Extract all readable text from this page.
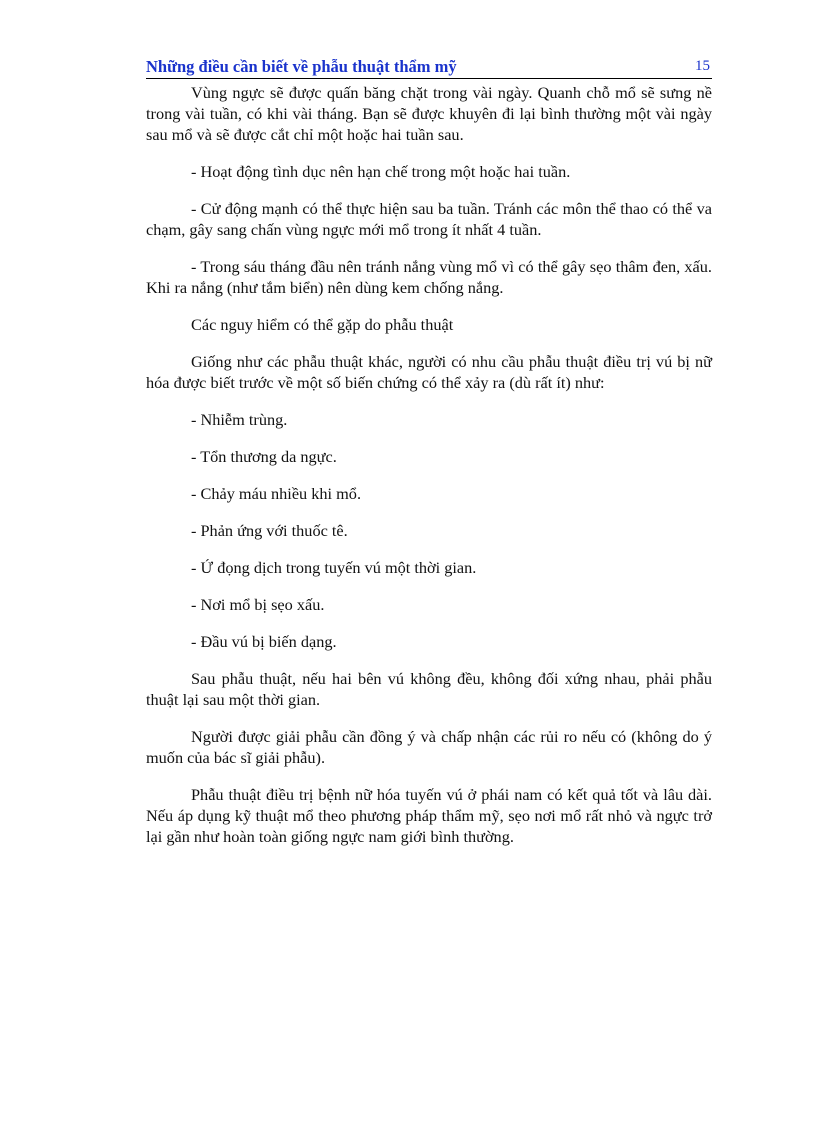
Những điều cần biết về phẫu thuật thẩm mỹ	15

Vùng ngực sẽ được quấn băng chặt trong vài ngày. Quanh chỗ mổ sẽ sưng nề trong vài tuần, có khi vài tháng. Bạn sẽ được khuyên đi lại bình thường một vài ngày sau mổ và sẽ được cắt chỉ một hoặc hai tuần sau.

- Hoạt động tình dục nên hạn chế trong một hoặc hai tuần.

- Cử động mạnh có thể thực hiện sau ba tuần. Tránh các môn thể thao có thể va chạm, gây sang chấn vùng ngực mới mổ trong ít nhất 4 tuần.

- Trong sáu tháng đầu nên tránh nắng vùng mổ vì có thể gây sẹo thâm đen, xấu. Khi ra nắng (như tắm biển) nên dùng kem chống nắng.

Các nguy hiểm có thể gặp do phẫu thuật

Giống như các phẫu thuật khác, người có nhu cầu phẫu thuật điều trị vú bị nữ hóa được biết trước về một số biến chứng có thể xảy ra (dù rất ít) như:

- Nhiễm trùng.

- Tổn thương da ngực.

- Chảy máu nhiều khi mổ.

- Phản ứng với thuốc tê.

- Ứ đọng dịch trong tuyến vú một thời gian.

- Nơi mổ bị sẹo xấu.

- Đầu vú bị biến dạng.

Sau phẫu thuật, nếu hai bên vú không đều, không đối xứng nhau, phải phẫu thuật lại sau một thời gian.

Người được giải phẫu cần đồng ý và chấp nhận các rủi ro nếu có (không do ý muốn của bác sĩ giải phẫu).

Phẫu thuật điều trị bệnh nữ hóa tuyến vú ở phái nam có kết quả tốt và lâu dài. Nếu áp dụng kỹ thuật mổ theo phương pháp thẩm mỹ, sẹo nơi mổ rất nhỏ và ngực trở lại gần như hoàn toàn giống ngực nam giới bình thường.
